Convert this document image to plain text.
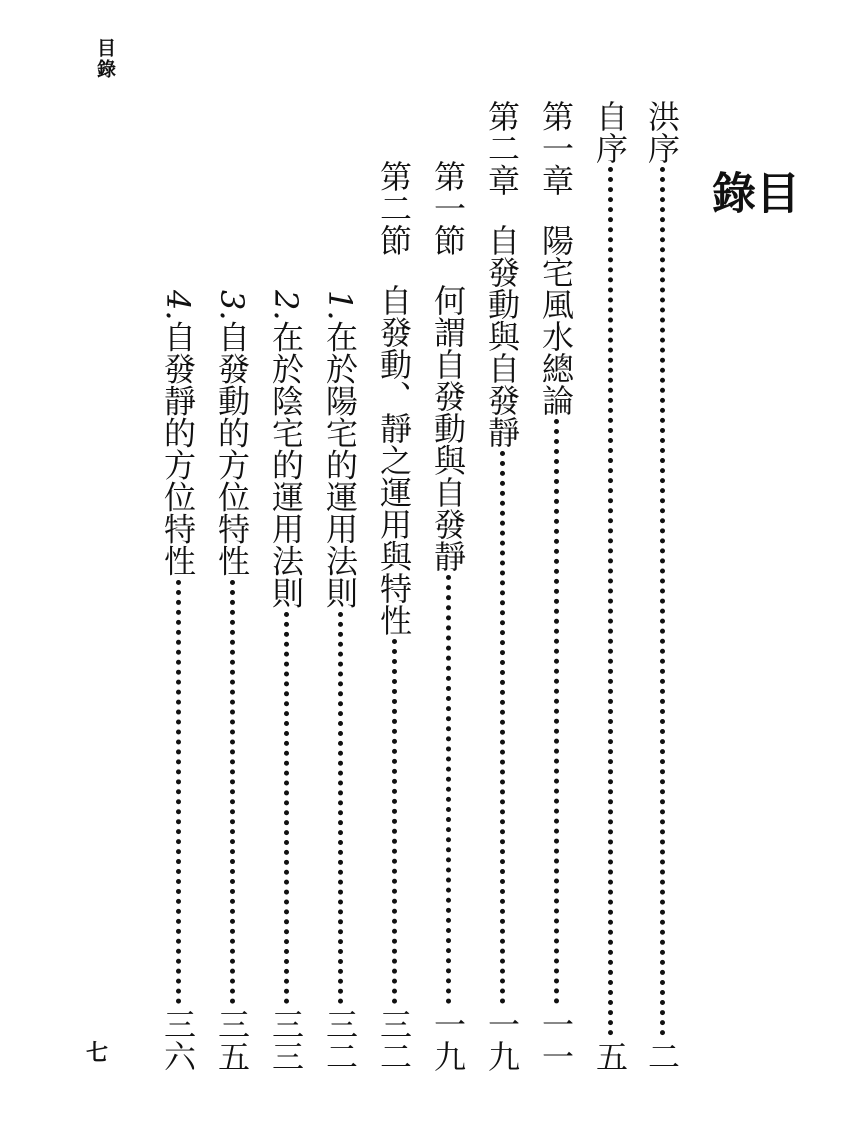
目錄
目 錄
洪序
二
自序
五
第一章
陽宅風水總論
一一
第二章
自發動與自發靜
一九
第一節
何謂自發動與自發靜
一九
第二節
自發動、靜之運用與特性
三二
1.在於陽宅的運用法則
三二
2.在於陰宅的運用法則
三三
3.自發動的方位特性
三五
4.自發靜的方位特性
三六
七
